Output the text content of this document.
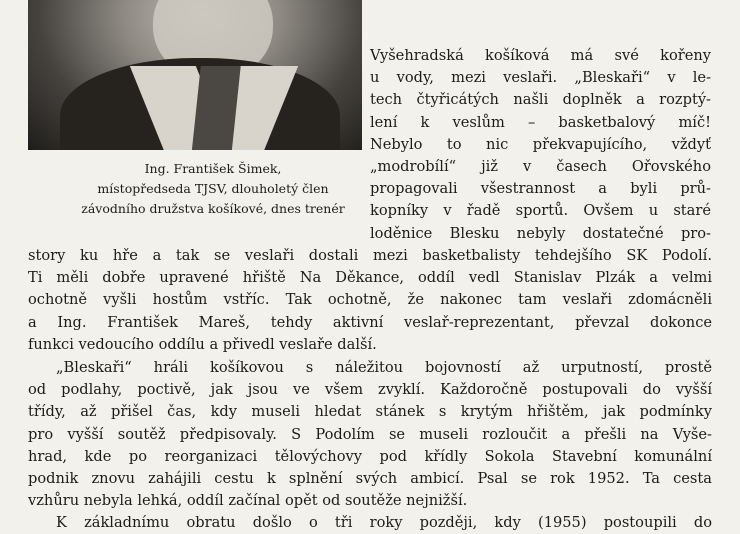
Ing. František Šimek,
místopředseda TJSV, dlouholetý člen
závodního družstva košíkové, dnes trenér
Vyšehradská košíková má své kořeny
u vody, mezi veslaři. „Bleskaři“ v le-
tech čtyřicátých našli doplněk a rozptý-
lení k veslům – basketbalový míč!
Nebylo to nic překvapujícího, vždyť
„modrobílí“ již v časech Ořovského
propagovali všestrannost a byli prů-
kopníky v řadě sportů. Ovšem u staré
loděnice Blesku nebyly dostatečné pro-
story ku hře a tak se veslaři dostali mezi basketbalisty tehdejšího SK Podolí.
Ti měli dobře upravené hřiště Na Děkance, oddíl vedl Stanislav Plzák a velmi
ochotně vyšli hostům vstříc. Tak ochotně, že nakonec tam veslaři zdomácněli
a Ing. František Mareš, tehdy aktivní veslař-reprezentant, převzal dokonce
funkci vedoucího oddílu a přivedl veslaře další.
„Bleskaři“ hráli košíkovou s náležitou bojovností až urputností, prostě
od podlahy, poctivě, jak jsou ve všem zvyklí. Každoročně postupovali do vyšší
třídy, až přišel čas, kdy museli hledat stánek s krytým hřištěm, jak podmínky
pro vyšší soutěž předpisovaly. S Podolím se museli rozloučit a přešli na Vyše-
hrad, kde po reorganizaci tělovýchovy pod křídly Sokola Stavební komunální
podnik znovu zahájili cestu k splnění svých ambicí. Psal se rok 1952. Ta cesta
vzhůru nebyla lehká, oddíl začínal opět od soutěže nejnižší.
K základnímu obratu došlo o tři roky později, kdy (1955) postoupili do
